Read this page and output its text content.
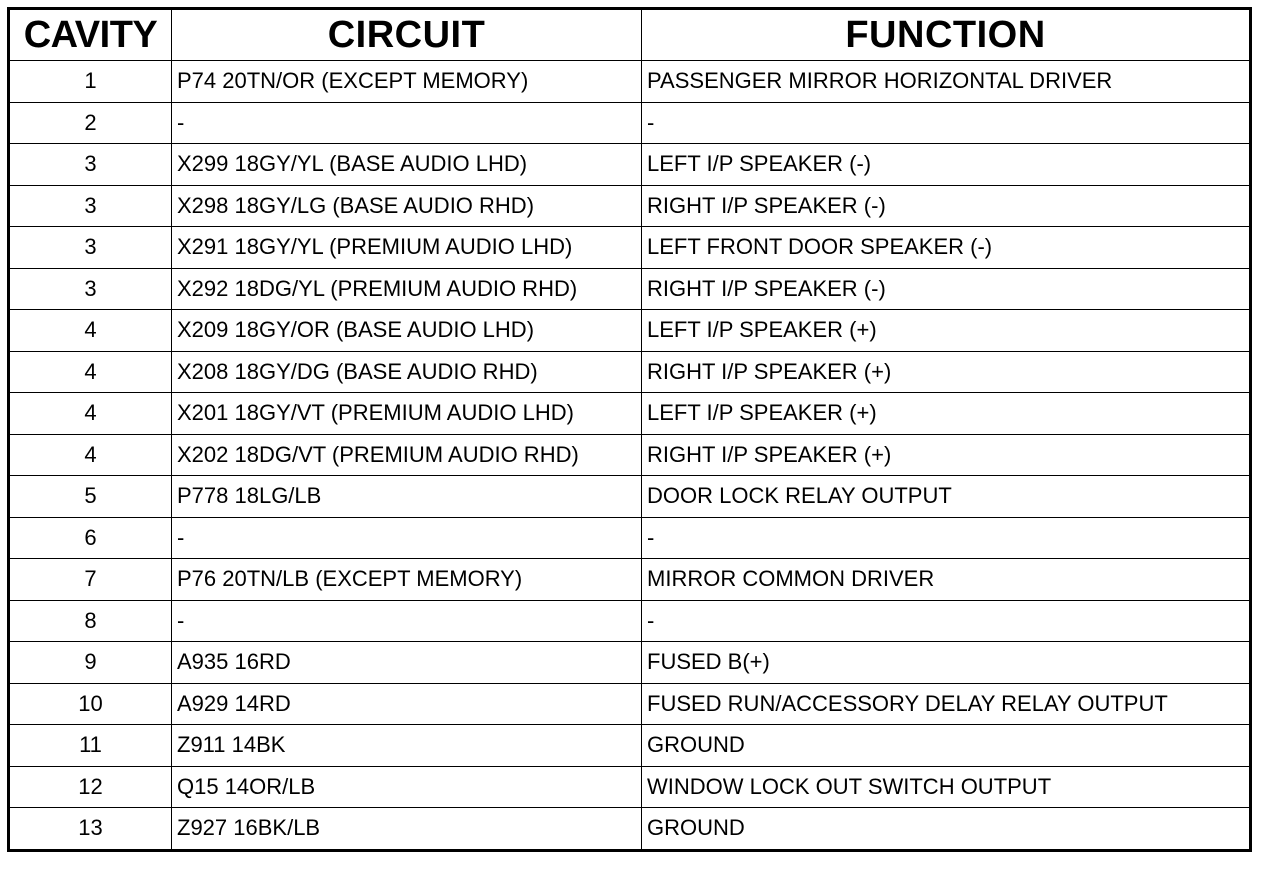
CAVITY	CIRCUIT	FUNCTION
1	P74 20TN/OR (EXCEPT MEMORY)	PASSENGER MIRROR HORIZONTAL DRIVER
2	-	-
3	X299 18GY/YL (BASE AUDIO LHD)	LEFT I/P SPEAKER (-)
3	X298 18GY/LG (BASE AUDIO RHD)	RIGHT I/P SPEAKER (-)
3	X291 18GY/YL (PREMIUM AUDIO LHD)	LEFT FRONT DOOR SPEAKER (-)
3	X292 18DG/YL (PREMIUM AUDIO RHD)	RIGHT I/P SPEAKER (-)
4	X209 18GY/OR (BASE AUDIO LHD)	LEFT I/P SPEAKER (+)
4	X208 18GY/DG (BASE AUDIO RHD)	RIGHT I/P SPEAKER (+)
4	X201 18GY/VT (PREMIUM AUDIO LHD)	LEFT I/P SPEAKER (+)
4	X202 18DG/VT (PREMIUM AUDIO RHD)	RIGHT I/P SPEAKER (+)
5	P778 18LG/LB	DOOR LOCK RELAY OUTPUT
6	-	-
7	P76 20TN/LB (EXCEPT MEMORY)	MIRROR COMMON DRIVER
8	-	-
9	A935 16RD	FUSED B(+)
10	A929 14RD	FUSED RUN/ACCESSORY DELAY RELAY OUTPUT
11	Z911 14BK	GROUND
12	Q15 14OR/LB	WINDOW LOCK OUT SWITCH OUTPUT
13	Z927 16BK/LB	GROUND
